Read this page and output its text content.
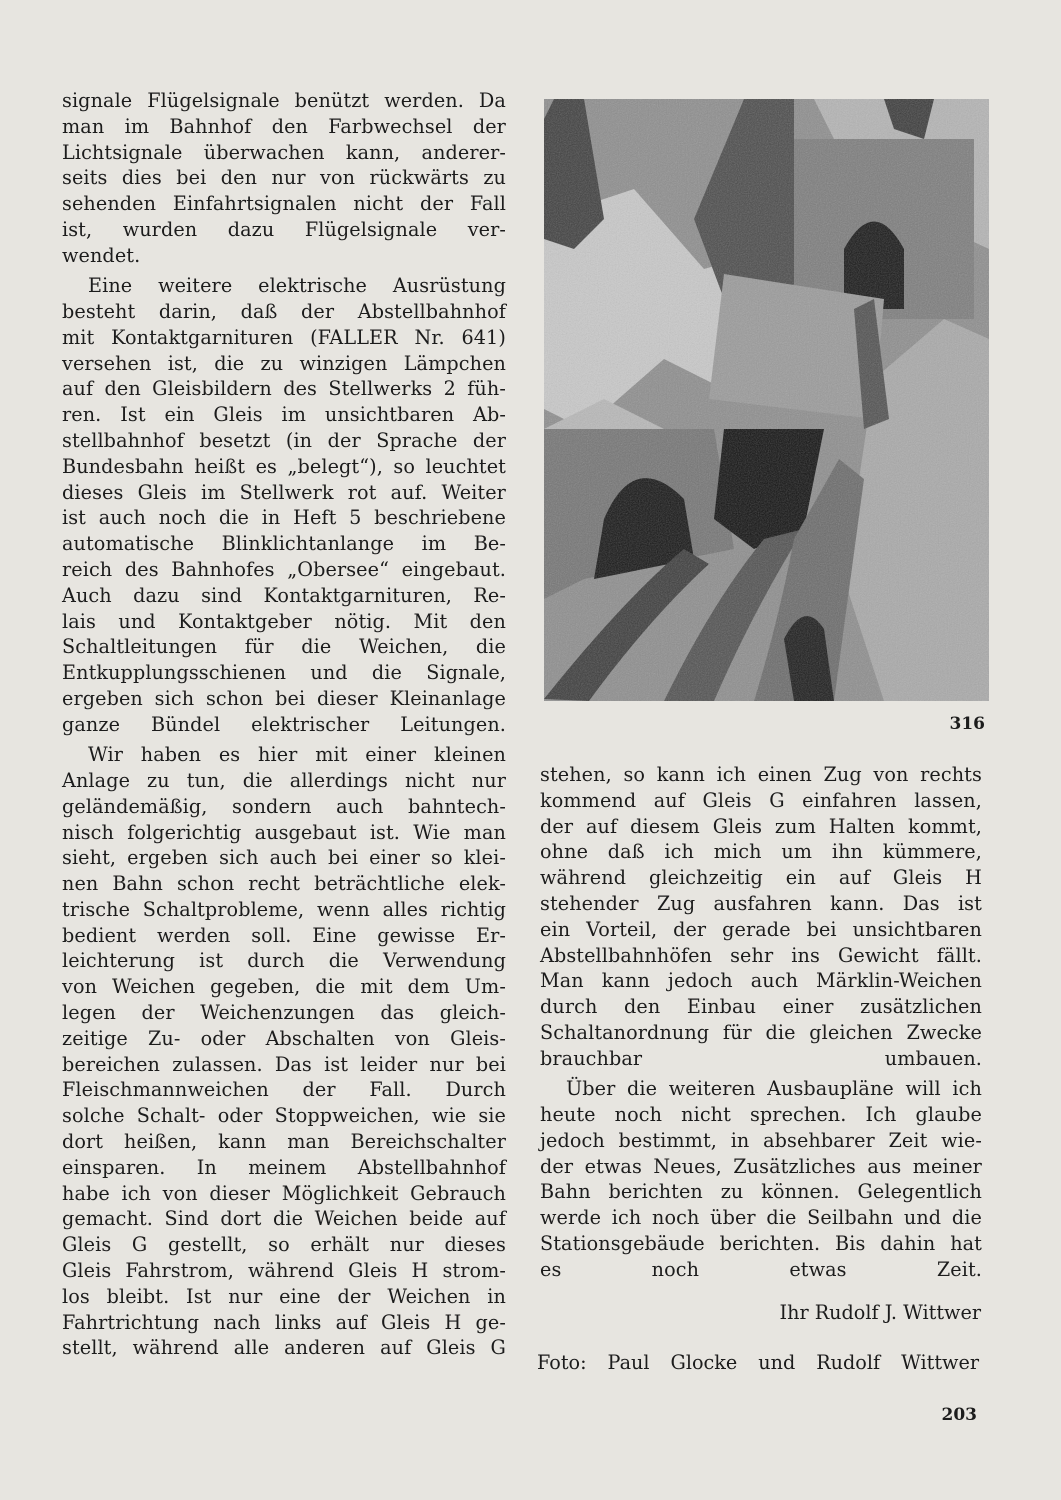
signale Flügelsignale benützt werden. Da
man im Bahnhof den Farbwechsel der
Lichtsignale überwachen kann, anderer-
seits dies bei den nur von rückwärts zu
sehenden Einfahrtsignalen nicht der Fall
ist, wurden dazu Flügelsignale ver-
wendet.
Eine weitere elektrische Ausrüstung
besteht darin, daß der Abstellbahnhof
mit Kontaktgarnituren (FALLER Nr. 641)
versehen ist, die zu winzigen Lämpchen
auf den Gleisbildern des Stellwerks 2 füh-
ren. Ist ein Gleis im unsichtbaren Ab-
stellbahnhof besetzt (in der Sprache der
Bundesbahn heißt es „belegt“), so leuchtet
dieses Gleis im Stellwerk rot auf. Weiter
ist auch noch die in Heft 5 beschriebene
automatische Blinklichtanlange im Be-
reich des Bahnhofes „Obersee“ eingebaut.
Auch dazu sind Kontaktgarnituren, Re-
lais und Kontaktgeber nötig. Mit den
Schaltleitungen für die Weichen, die
Entkupplungsschienen und die Signale,
ergeben sich schon bei dieser Kleinanlage
ganze Bündel elektrischer Leitungen.
Wir haben es hier mit einer kleinen
Anlage zu tun, die allerdings nicht nur
geländemäßig, sondern auch bahntech-
nisch folgerichtig ausgebaut ist. Wie man
sieht, ergeben sich auch bei einer so klei-
nen Bahn schon recht beträchtliche elek-
trische Schaltprobleme, wenn alles richtig
bedient werden soll. Eine gewisse Er-
leichterung ist durch die Verwendung
von Weichen gegeben, die mit dem Um-
legen der Weichenzungen das gleich-
zeitige Zu- oder Abschalten von Gleis-
bereichen zulassen. Das ist leider nur bei
Fleischmannweichen der Fall. Durch
solche Schalt- oder Stoppweichen, wie sie
dort heißen, kann man Bereichschalter
einsparen. In meinem Abstellbahnhof
habe ich von dieser Möglichkeit Gebrauch
gemacht. Sind dort die Weichen beide auf
Gleis G gestellt, so erhält nur dieses
Gleis Fahrstrom, während Gleis H strom-
los bleibt. Ist nur eine der Weichen in
Fahrtrichtung nach links auf Gleis H ge-
stellt, während alle anderen auf Gleis G
316
stehen, so kann ich einen Zug von rechts
kommend auf Gleis G einfahren lassen,
der auf diesem Gleis zum Halten kommt,
ohne daß ich mich um ihn kümmere,
während gleichzeitig ein auf Gleis H
stehender Zug ausfahren kann. Das ist
ein Vorteil, der gerade bei unsichtbaren
Abstellbahnhöfen sehr ins Gewicht fällt.
Man kann jedoch auch Märklin-Weichen
durch den Einbau einer zusätzlichen
Schaltanordnung für die gleichen Zwecke
brauchbar umbauen.
Über die weiteren Ausbaupläne will ich
heute noch nicht sprechen. Ich glaube
jedoch bestimmt, in absehbarer Zeit wie-
der etwas Neues, Zusätzliches aus meiner
Bahn berichten zu können. Gelegentlich
werde ich noch über die Seilbahn und die
Stationsgebäude berichten. Bis dahin hat
es noch etwas Zeit.
Ihr Rudolf J. Wittwer
Foto: Paul Glocke und Rudolf Wittwer
203
